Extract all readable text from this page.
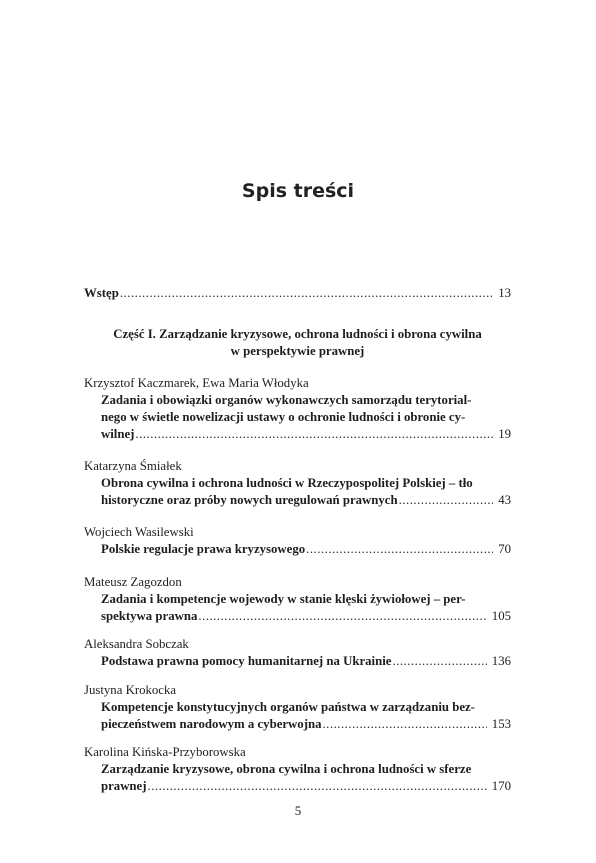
Spis treści
Wstęp .....	13
Część I. Zarządzanie kryzysowe, ochrona ludności i obrona cywilna
w perspektywie prawnej
Krzysztof Kaczmarek, Ewa Maria Włodyka
Zadania i obowiązki organów wykonawczych samorządu terytorial-
nego w świetle nowelizacji ustawy o ochronie ludności i obronie cy-
wilnej .....	19
Katarzyna Śmiałek
Obrona cywilna i ochrona ludności w Rzeczypospolitej Polskiej – tło
historyczne oraz próby nowych uregulowań prawnych .....	43
Wojciech Wasilewski
Polskie regulacje prawa kryzysowego .....	70
Mateusz Zagozdon
Zadania i kompetencje wojewody w stanie klęski żywiołowej – per-
spektywa prawna .....	105
Aleksandra Sobczak
Podstawa prawna pomocy humanitarnej na Ukrainie .....	136
Justyna Krokocka
Kompetencje konstytucyjnych organów państwa w zarządzaniu bez-
pieczeństwem narodowym a cyberwojna .....	153
Karolina Kińska-Przyborowska
Zarządzanie kryzysowe, obrona cywilna i ochrona ludności w sferze
prawnej .....	170
5
